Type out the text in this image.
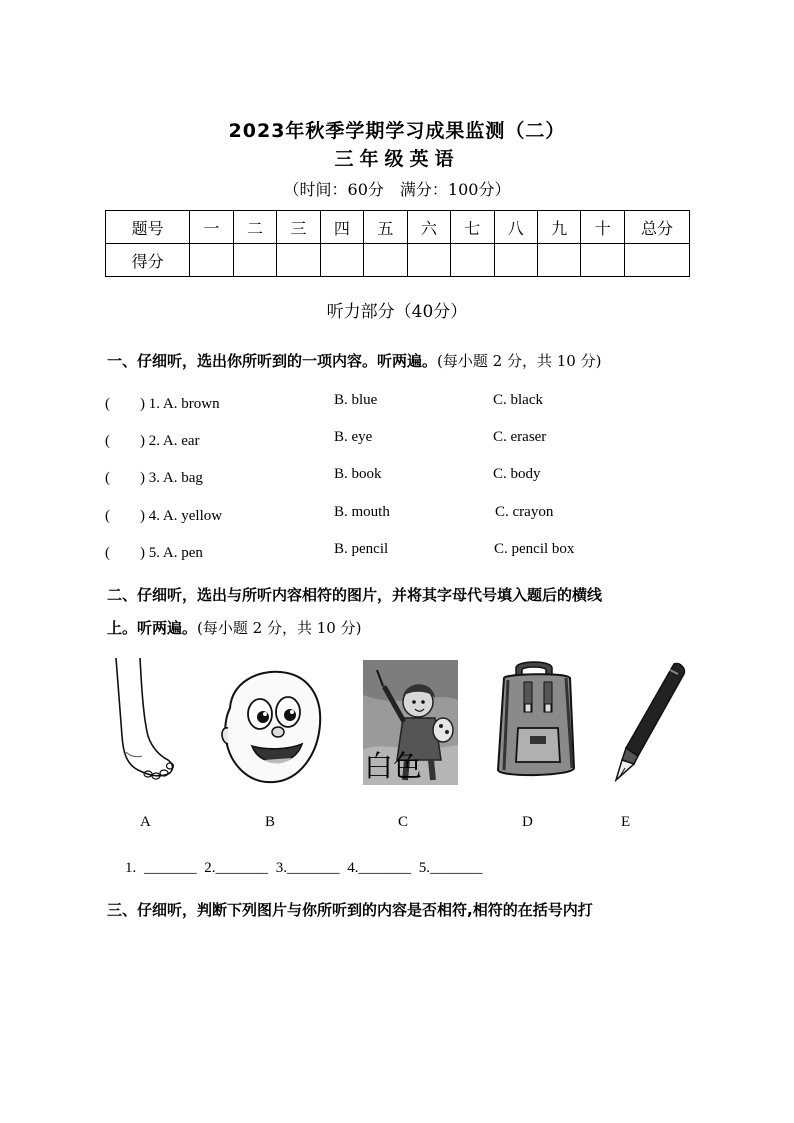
2023年秋季学期学习成果监测（二）
三年级英语
（时间：60分　满分：100分）
题号	一	二	三	四	五	六	七	八	九	十	总分
得分											
听力部分（40分）
一、仔细听，选出你所听到的一项内容。听两遍。(每小题 2 分，共 10 分)
(　　) 1. A. brown	B. blue	C. black
(　　) 2. A. ear	B. eye	C. eraser
(　　) 3. A. bag	B. book	C. body
(　　) 4. A. yellow	B. mouth	C. crayon
(　　) 5. A. pen	B. pencil	C. pencil box
二、仔细听，选出与所听内容相符的图片，并将其字母代号填入题后的横线
上。听两遍。(每小题 2 分，共 10 分)
白色
A	B	C	D	E
1. _______ 2._______ 3._______ 4._______ 5._______
三、仔细听，判断下列图片与你所听到的内容是否相符,相符的在括号内打
